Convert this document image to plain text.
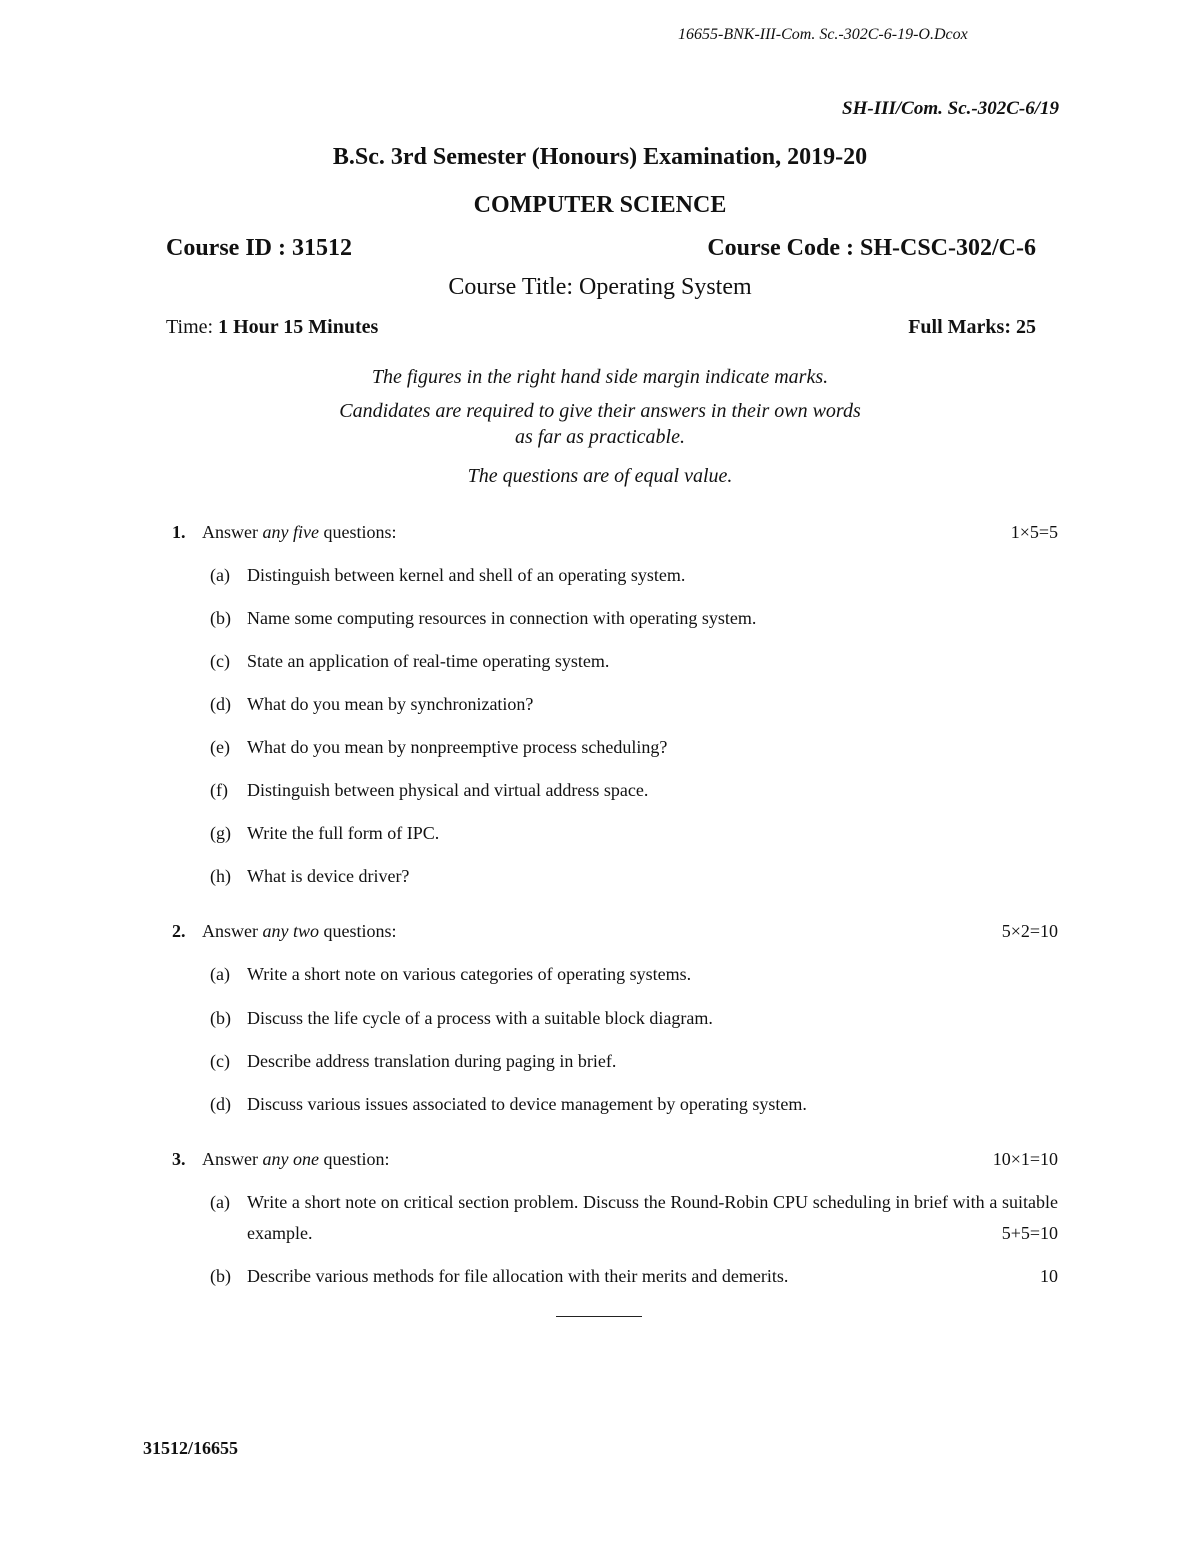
16655-BNK-III-Com. Sc.-302C-6-19-O.Dcox
SH-III/Com. Sc.-302C-6/19
B.Sc. 3rd Semester (Honours) Examination, 2019-20
COMPUTER SCIENCE
Course ID : 31512	Course Code : SH-CSC-302/C-6
Course Title: Operating System
Time: 1 Hour 15 Minutes	Full Marks: 25
The figures in the right hand side margin indicate marks.
Candidates are required to give their answers in their own words
as far as practicable.
The questions are of equal value.
1. Answer any five questions:	1×5=5
(a) Distinguish between kernel and shell of an operating system.
(b) Name some computing resources in connection with operating system.
(c) State an application of real-time operating system.
(d) What do you mean by synchronization?
(e) What do you mean by nonpreemptive process scheduling?
(f) Distinguish between physical and virtual address space.
(g) Write the full form of IPC.
(h) What is device driver?
2. Answer any two questions:	5×2=10
(a) Write a short note on various categories of operating systems.
(b) Discuss the life cycle of a process with a suitable block diagram.
(c) Describe address translation during paging in brief.
(d) Discuss various issues associated to device management by operating system.
3. Answer any one question:	10×1=10
(a) Write a short note on critical section problem. Discuss the Round-Robin CPU scheduling in brief with a suitable example.	5+5=10
(b) Describe various methods for file allocation with their merits and demerits.	10
31512/16655
